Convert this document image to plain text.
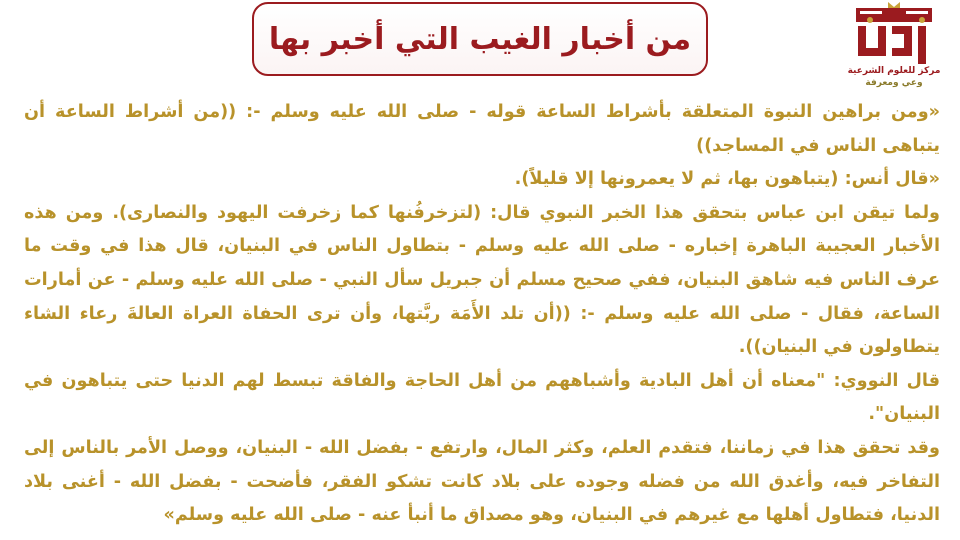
من أخبار الغيب التي أخبر بها
مركز للعلوم الشرعية
وعي ومعرفة

«ومن براهين النبوة المتعلقة بأشراط الساعة قوله - صلى الله عليه وسلم -: ((من أشراط الساعة أن يتباهى الناس في المساجد))

«قال أنس: (يتباهون بها، ثم لا يعمرونها إلا قليلاً).

ولما تيقن ابن عباس بتحقق هذا الخبر النبوي قال: (لتزخرفُنها كما زخرفت اليهود والنصارى). ومن هذه الأخبار العجيبة الباهرة إخباره - صلى الله عليه وسلم - بتطاول الناس في البنيان، قال هذا في وقت ما عرف الناس فيه شاهق البنيان، ففي صحيح مسلم أن جبريل سأل النبي - صلى الله عليه وسلم - عن أمارات الساعة، فقال - صلى الله عليه وسلم -: ((أن تلد الأَمَة ربَّتها، وأن ترى الحفاة العراة العالةَ رعاء الشاء يتطاولون في البنيان)).

قال النووي: "معناه أن أهل البادية وأشباههم من أهل الحاجة والفاقة تبسط لهم الدنيا حتى يتباهون في البنيان".

وقد تحقق هذا في زماننا، فتقدم العلم، وكثر المال، وارتفع - بفضل الله - البنيان، ووصل الأمر بالناس إلى التفاخر فيه، وأغدق الله من فضله وجوده على بلاد كانت تشكو الفقر، فأضحت - بفضل الله - أغنى بلاد الدنيا، فتطاول أهلها مع غيرهم في البنيان، وهو مصداق ما أنبأ عنه - صلى الله عليه وسلم»
